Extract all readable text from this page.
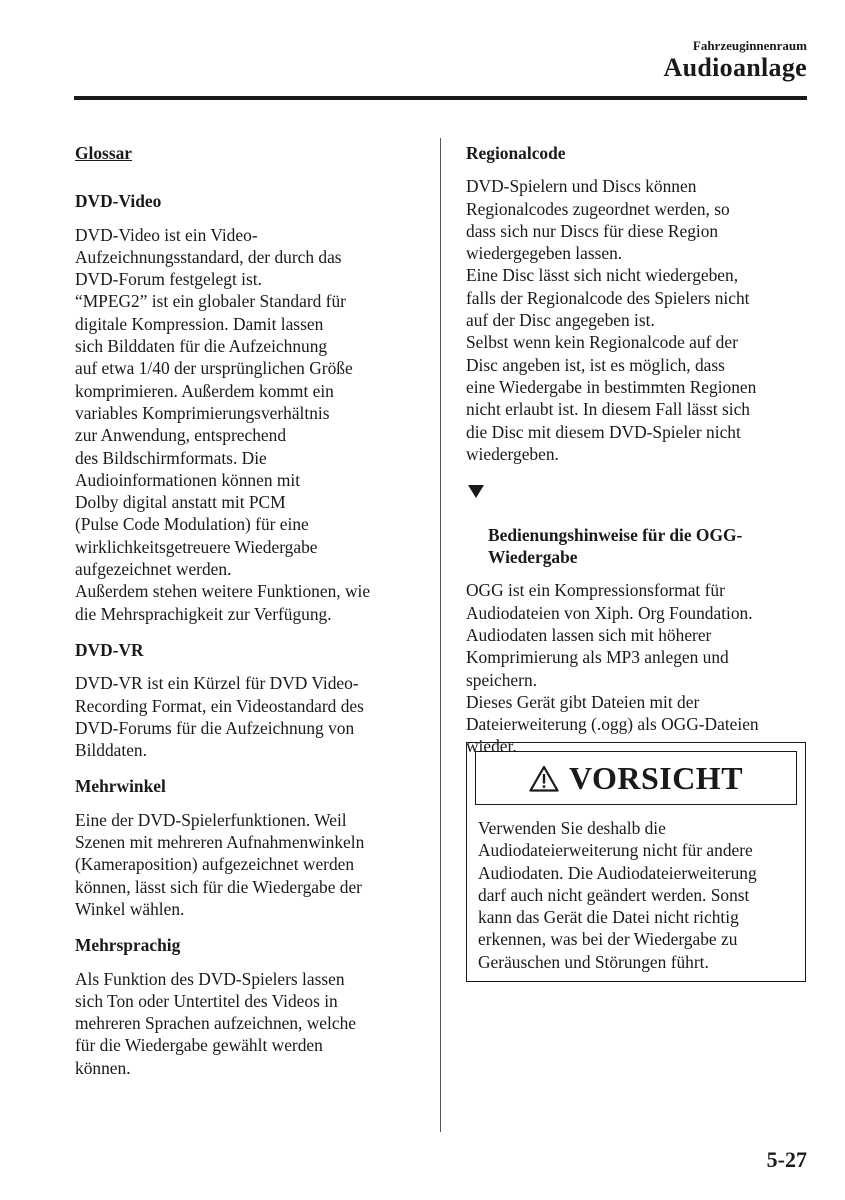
Fahrzeuginnenraum
Audioanlage
Glossar
DVD-Video

DVD-Video ist ein Video-
Aufzeichnungsstandard, der durch das
DVD-Forum festgelegt ist.
“MPEG2” ist ein globaler Standard für
digitale Kompression. Damit lassen
sich Bilddaten für die Aufzeichnung
auf etwa 1/40 der ursprünglichen Größe
komprimieren. Außerdem kommt ein
variables Komprimierungsverhältnis
zur Anwendung, entsprechend
des Bildschirmformats. Die
Audioinformationen können mit
Dolby digital anstatt mit PCM
(Pulse Code Modulation) für eine
wirklichkeitsgetreuere Wiedergabe
aufgezeichnet werden.
Außerdem stehen weitere Funktionen, wie
die Mehrsprachigkeit zur Verfügung.

DVD-VR

DVD-VR ist ein Kürzel für DVD Video-
Recording Format, ein Videostandard des
DVD-Forums für die Aufzeichnung von
Bilddaten.

Mehrwinkel

Eine der DVD-Spielerfunktionen. Weil
Szenen mit mehreren Aufnahmenwinkeln
(Kameraposition) aufgezeichnet werden
können, lässt sich für die Wiedergabe der
Winkel wählen.

Mehrsprachig

Als Funktion des DVD-Spielers lassen
sich Ton oder Untertitel des Videos in
mehreren Sprachen aufzeichnen, welche
für die Wiedergabe gewählt werden
können.

Regionalcode

DVD-Spielern und Discs können
Regionalcodes zugeordnet werden, so
dass sich nur Discs für diese Region
wiedergegeben lassen.
Eine Disc lässt sich nicht wiedergeben,
falls der Regionalcode des Spielers nicht
auf der Disc angegeben ist.
Selbst wenn kein Regionalcode auf der
Disc angeben ist, ist es möglich, dass
eine Wiedergabe in bestimmten Regionen
nicht erlaubt ist. In diesem Fall lässt sich
die Disc mit diesem DVD-Spieler nicht
wiedergeben.

Bedienungshinweise für die OGG-
Wiedergabe

OGG ist ein Kompressionsformat für
Audiodateien von Xiph. Org Foundation.
Audiodaten lassen sich mit höherer
Komprimierung als MP3 anlegen und
speichern.
Dieses Gerät gibt Dateien mit der
Dateierweiterung (.ogg) als OGG-Dateien
wieder.

VORSICHT

Verwenden Sie deshalb die
Audiodateierweiterung nicht für andere
Audiodaten. Die Audiodateierweiterung
darf auch nicht geändert werden. Sonst
kann das Gerät die Datei nicht richtig
erkennen, was bei der Wiedergabe zu
Geräuschen und Störungen führt.

5-27
